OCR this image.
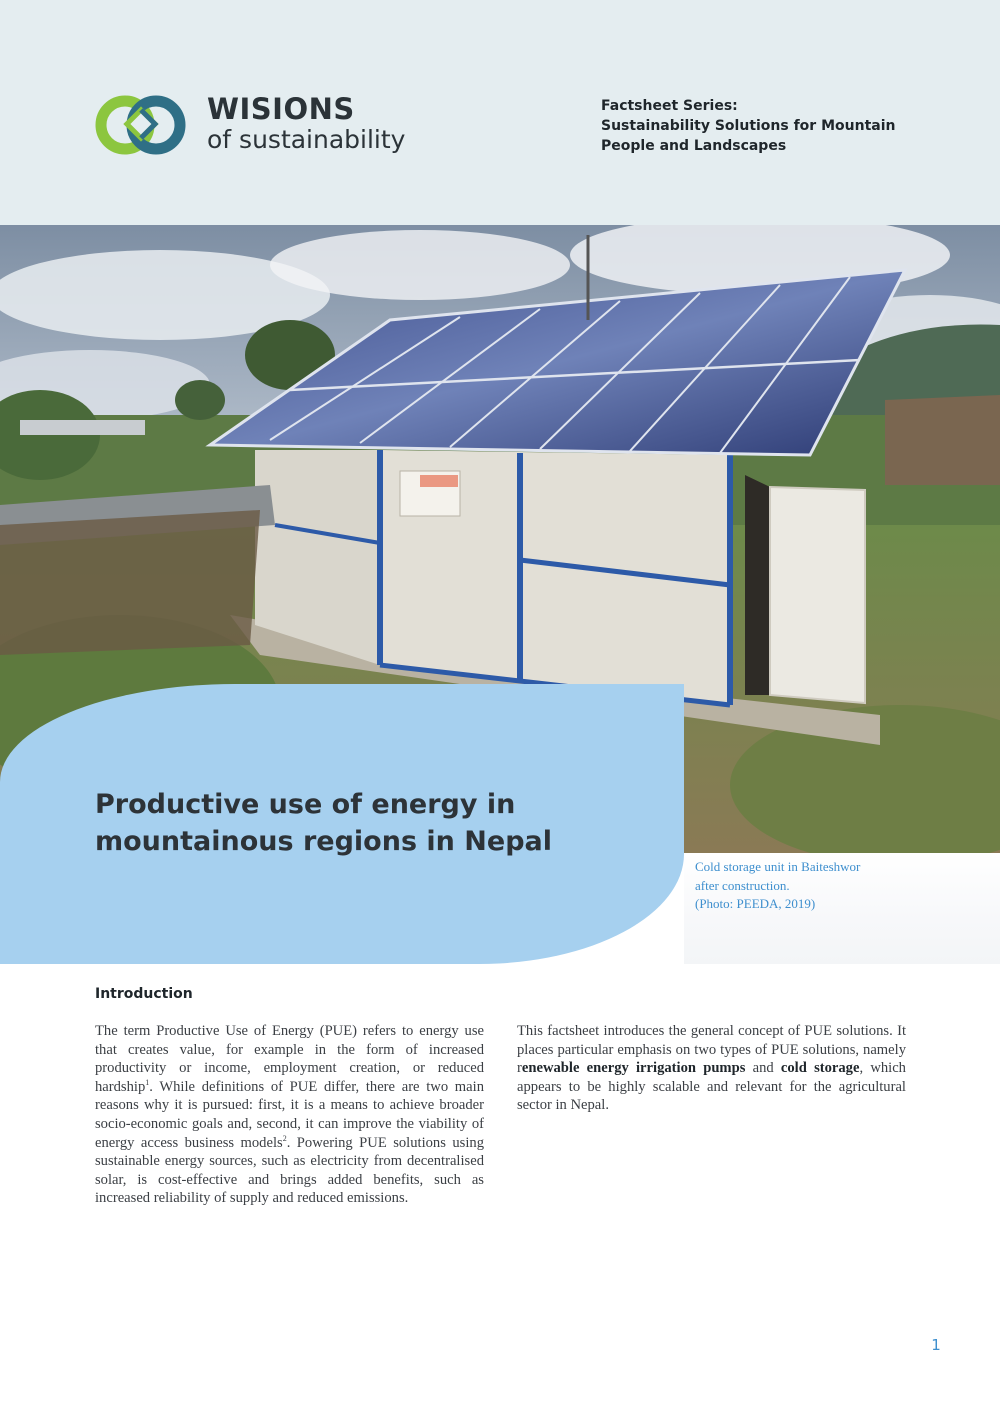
WISIONS
of sustainability
Factsheet Series:
Sustainability Solutions for Mountain
People and Landscapes
Productive use of energy in
mountainous regions in Nepal
Cold storage unit in Baiteshwor
after construction.
(Photo: PEEDA, 2019)
Introduction

The term Productive Use of Energy (PUE) refers to energy use that creates value, for example in the form of increased productivity or income, employment creation, or reduced hardship$^1$. While definitions of PUE differ, there are two main reasons why it is pursued: first, it is a means to achieve broader socio-economic goals and, second, it can improve the viability of energy access business models$^2$. Powering PUE solutions using sustainable energy sources, such as electricity from decentralised solar, is cost-effective and brings added benefits, such as increased reliability of supply and reduced emissions.

This factsheet introduces the general concept of PUE solutions. It places particular emphasis on two types of PUE solutions, namely renewable energy irrigation pumps and cold storage, which appears to be highly scalable and relevant for the agricultural sector in Nepal.

1
